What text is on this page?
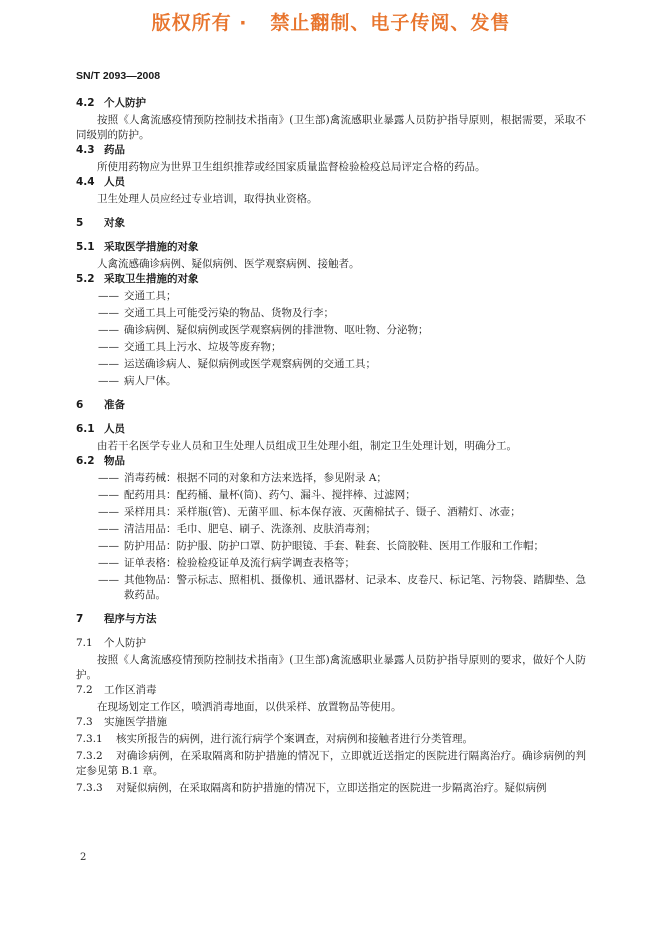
版权所有 ·   禁止翻制、电子传阅、发售
SN/T 2093—2008
4.2 个人防护
按照《人禽流感疫情预防控制技术指南》(卫生部)禽流感职业暴露人员防护指导原则，根据需要，采取不同级别的防护。
4.3 药品
所使用药物应为世界卫生组织推荐或经国家质量监督检验检疫总局评定合格的药品。
4.4 人员
卫生处理人员应经过专业培训，取得执业资格。
5 对象
5.1 采取医学措施的对象
人禽流感确诊病例、疑似病例、医学观察病例、接触者。
5.2 采取卫生措施的对象
—— 交通工具；
—— 交通工具上可能受污染的物品、货物及行李；
—— 确诊病例、疑似病例或医学观察病例的排泄物、呕吐物、分泌物；
—— 交通工具上污水、垃圾等废弃物；
—— 运送确诊病人、疑似病例或医学观察病例的交通工具；
—— 病人尸体。
6 准备
6.1 人员
由若干名医学专业人员和卫生处理人员组成卫生处理小组，制定卫生处理计划，明确分工。
6.2 物品
—— 消毒药械：根据不同的对象和方法来选择，参见附录 A；
—— 配药用具：配药桶、量杯(筒)、药勺、漏斗、搅拌棒、过滤网；
—— 采样用具：采样瓶(管)、无菌平皿、标本保存液、灭菌棉拭子、镊子、酒精灯、冰壶；
—— 清洁用品：毛巾、肥皂、刷子、洗涤剂、皮肤消毒剂；
—— 防护用品：防护服、防护口罩、防护眼镜、手套、鞋套、长筒胶鞋、医用工作服和工作帽；
—— 证单表格：检验检疫证单及流行病学调查表格等；
—— 其他物品：警示标志、照相机、摄像机、通讯器材、记录本、皮卷尺、标记笔、污物袋、踏脚垫、急救药品。
7 程序与方法
7.1 个人防护
按照《人禽流感疫情预防控制技术指南》(卫生部)禽流感职业暴露人员防护指导原则的要求，做好个人防护。
7.2 工作区消毒
在现场划定工作区，喷洒消毒地面，以供采样、放置物品等使用。
7.3 实施医学措施
7.3.1 核实所报告的病例，进行流行病学个案调查，对病例和接触者进行分类管理。
7.3.2 对确诊病例，在采取隔离和防护措施的情况下，立即就近送指定的医院进行隔离治疗。确诊病例的判定参见第 B.1 章。
7.3.3 对疑似病例，在采取隔离和防护措施的情况下，立即送指定的医院进一步隔离治疗。疑似病例
2
